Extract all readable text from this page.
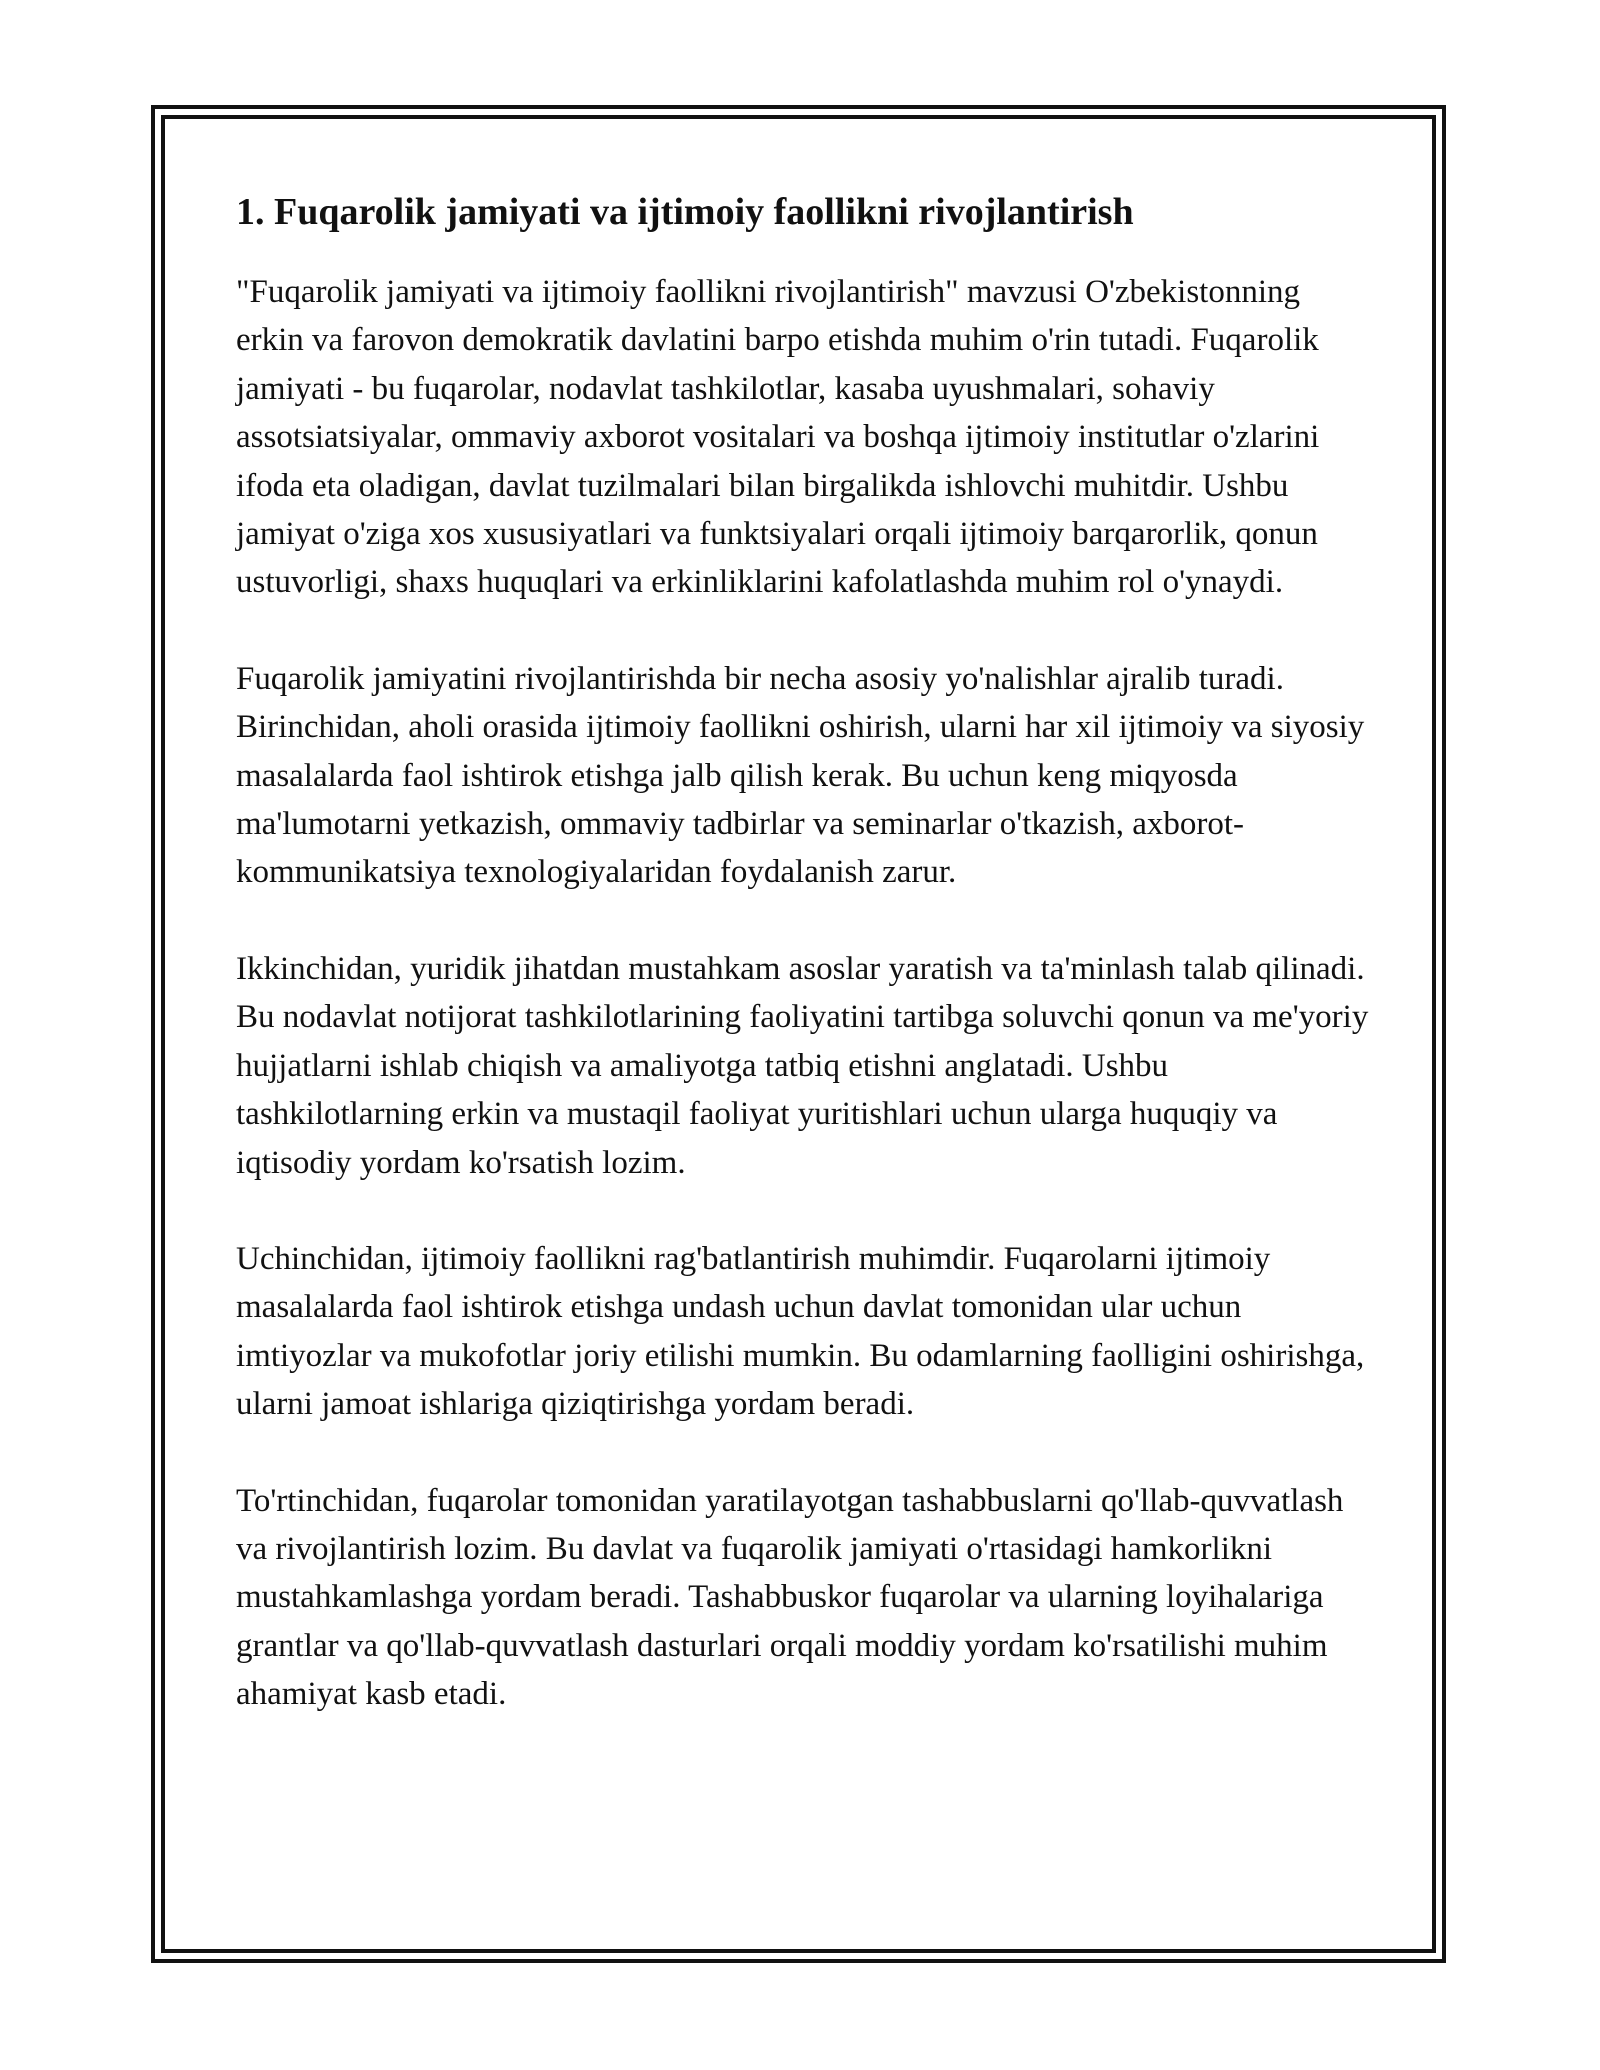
1. Fuqarolik jamiyati va ijtimoiy faollikni rivojlantirish

"Fuqarolik jamiyati va ijtimoiy faollikni rivojlantirish" mavzusi O'zbekistonning erkin va farovon demokratik davlatini barpo etishda muhim o'rin tutadi. Fuqarolik jamiyati - bu fuqarolar, nodavlat tashkilotlar, kasaba uyushmalari, sohaviy assotsiatsiyalar, ommaviy axborot vositalari va boshqa ijtimoiy institutlar o'zlarini ifoda eta oladigan, davlat tuzilmalari bilan birgalikda ishlovchi muhitdir. Ushbu jamiyat o'ziga xos xususiyatlari va funktsiyalari orqali ijtimoiy barqarorlik, qonun ustuvorligi, shaxs huquqlari va erkinliklarini kafolatlashda muhim rol o'ynaydi.

Fuqarolik jamiyatini rivojlantirishda bir necha asosiy yo'nalishlar ajralib turadi. Birinchidan, aholi orasida ijtimoiy faollikni oshirish, ularni har xil ijtimoiy va siyosiy masalalarda faol ishtirok etishga jalb qilish kerak. Bu uchun keng miqyosda ma'lumotarni yetkazish, ommaviy tadbirlar va seminarlar o'tkazish, axborot-kommunikatsiya texnologiyalaridan foydalanish zarur.

Ikkinchidan, yuridik jihatdan mustahkam asoslar yaratish va ta'minlash talab qilinadi. Bu nodavlat notijorat tashkilotlarining faoliyatini tartibga soluvchi qonun va me'yoriy hujjatlarni ishlab chiqish va amaliyotga tatbiq etishni anglatadi. Ushbu tashkilotlarning erkin va mustaqil faoliyat yuritishlari uchun ularga huquqiy va iqtisodiy yordam ko'rsatish lozim.

Uchinchidan, ijtimoiy faollikni rag'batlantirish muhimdir. Fuqarolarni ijtimoiy masalalarda faol ishtirok etishga undash uchun davlat tomonidan ular uchun imtiyozlar va mukofotlar joriy etilishi mumkin. Bu odamlarning faolligini oshirishga, ularni jamoat ishlariga qiziqtirishga yordam beradi.

To'rtinchidan, fuqarolar tomonidan yaratilayotgan tashabbuslarni qo'llab-quvvatlash va rivojlantirish lozim. Bu davlat va fuqarolik jamiyati o'rtasidagi hamkorlikni mustahkamlashga yordam beradi. Tashabbuskor fuqarolar va ularning loyihalariga grantlar va qo'llab-quvvatlash dasturlari orqali moddiy yordam ko'rsatilishi muhim ahamiyat kasb etadi.
